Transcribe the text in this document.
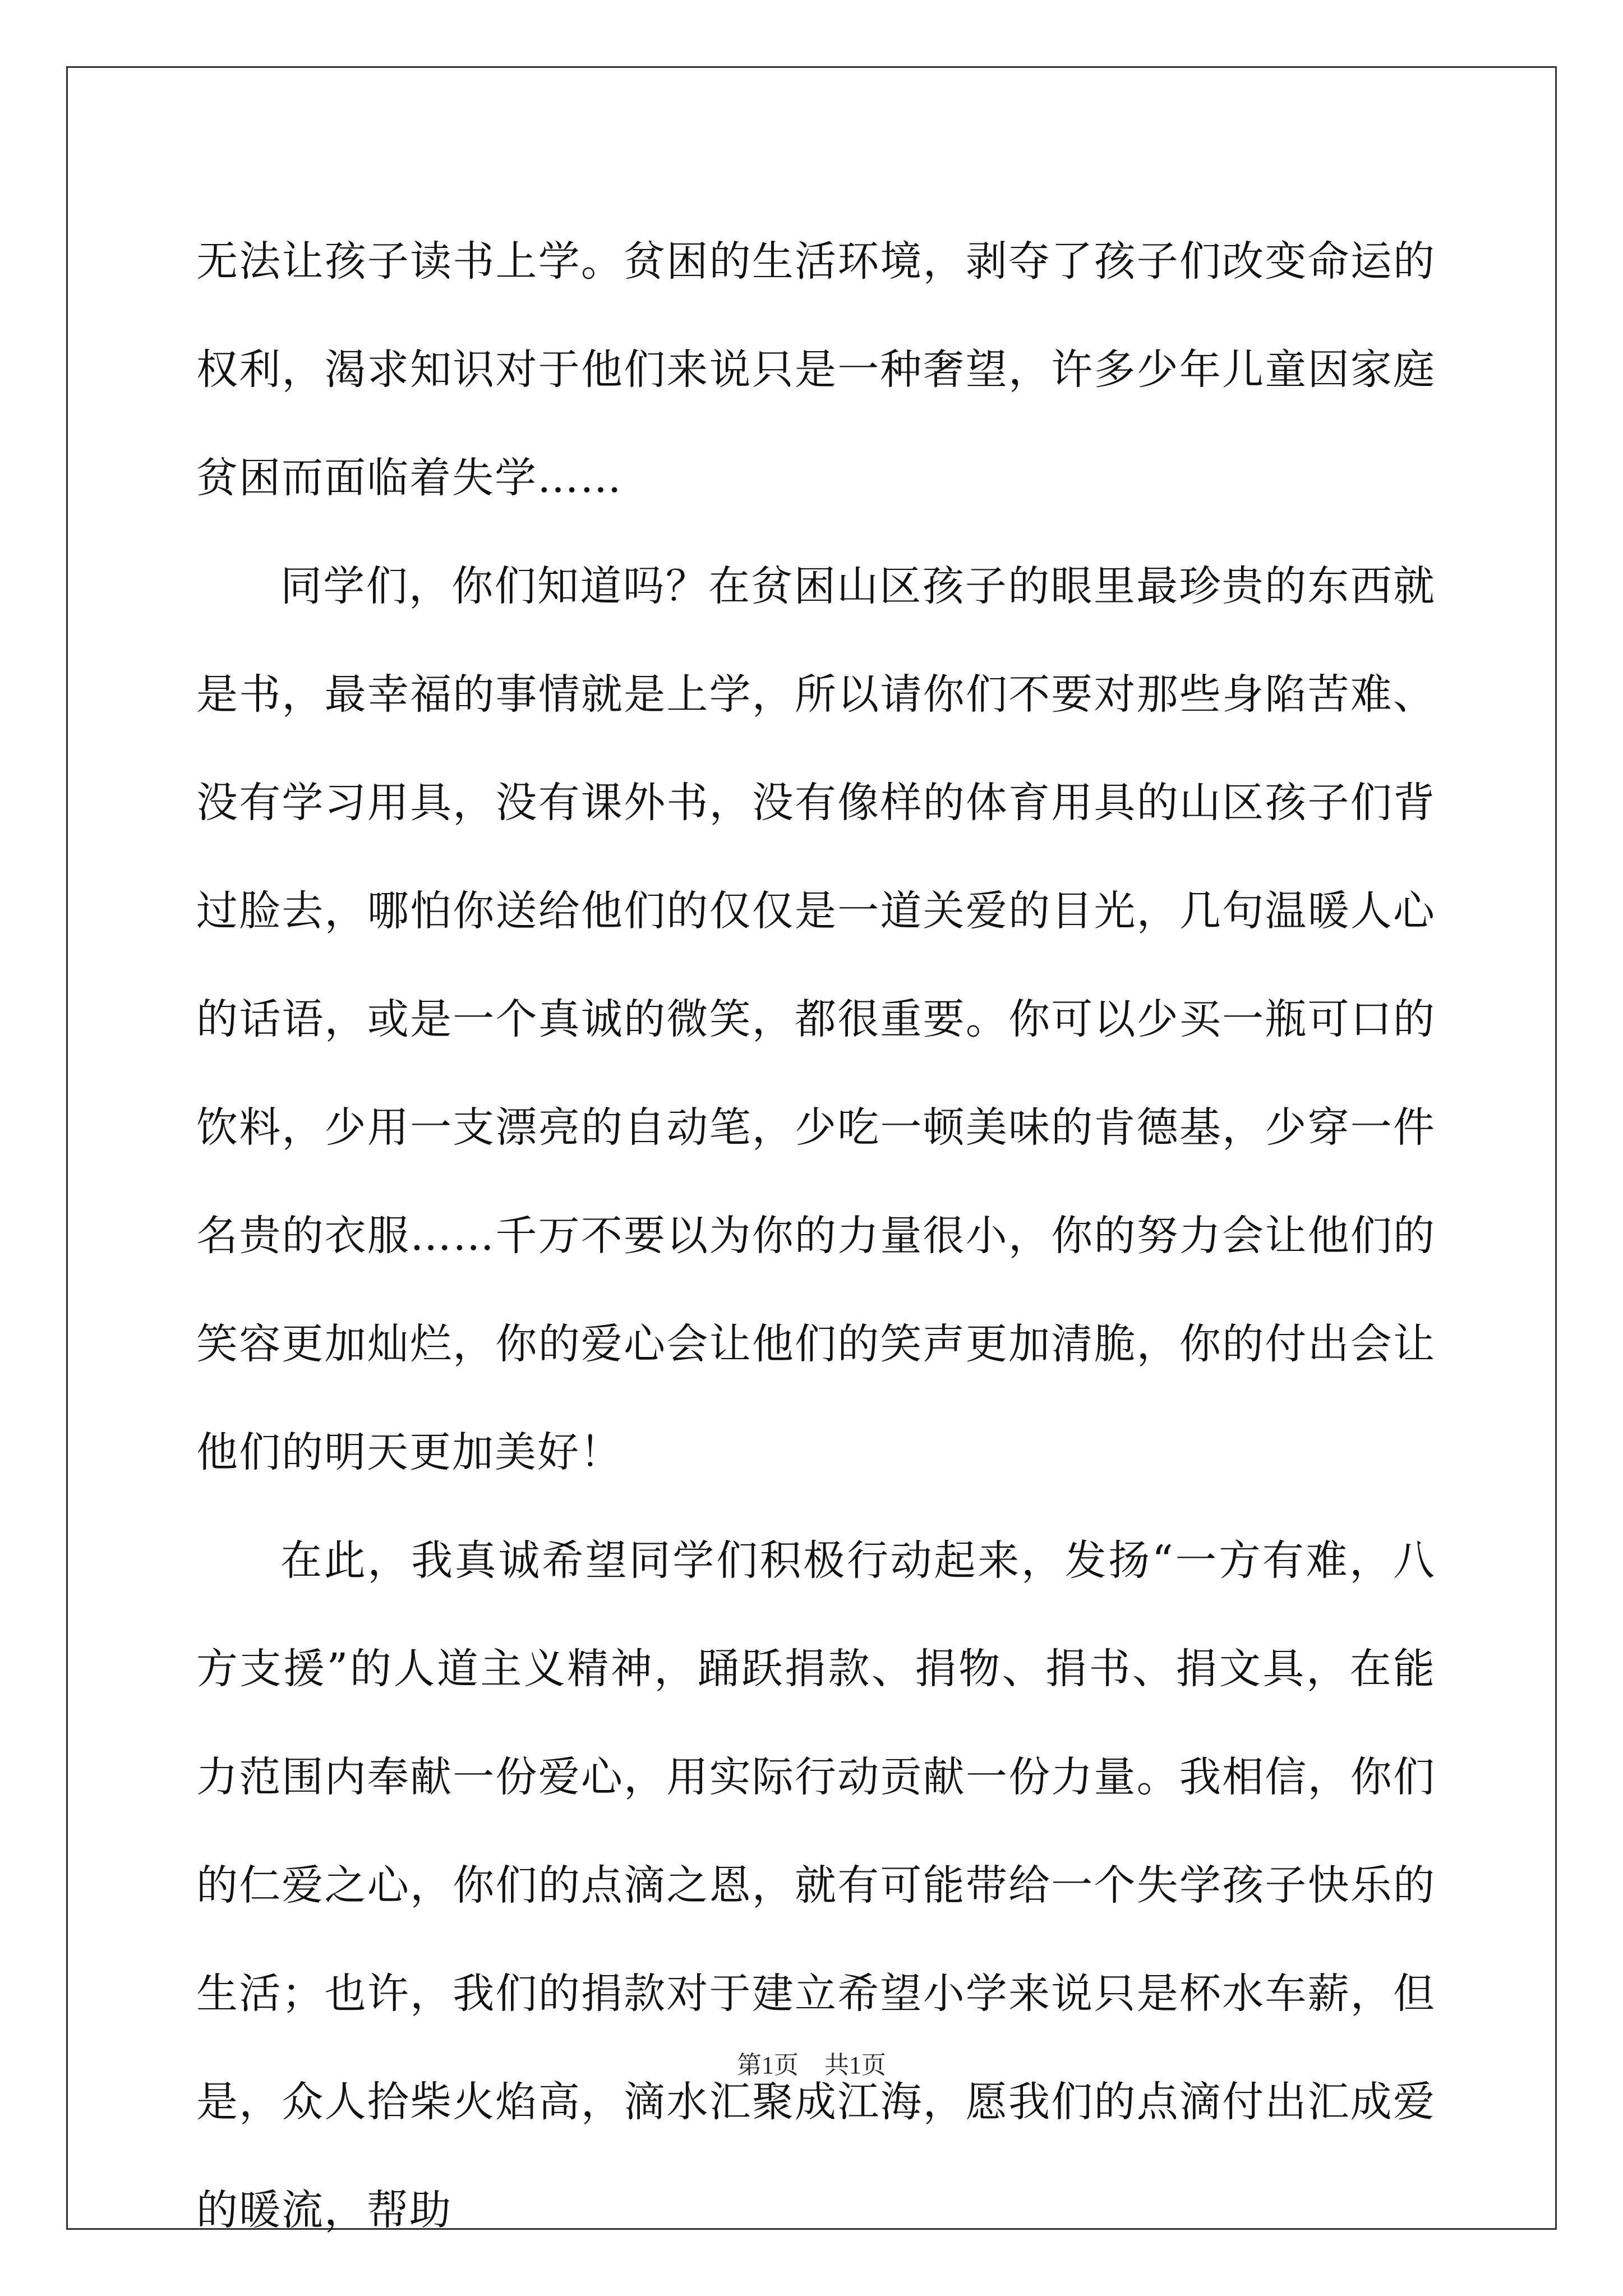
无法让孩子读书上学。贫困的生活环境，剥夺了孩子们改变命运的权利，渴求知识对于他们来说只是一种奢望，许多少年儿童因家庭贫困而面临着失学……

同学们，你们知道吗？在贫困山区孩子的眼里最珍贵的东西就是书，最幸福的事情就是上学，所以请你们不要对那些身陷苦难、没有学习用具，没有课外书，没有像样的体育用具的山区孩子们背过脸去，哪怕你送给他们的仅仅是一道关爱的目光，几句温暖人心的话语，或是一个真诚的微笑，都很重要。你可以少买一瓶可口的饮料，少用一支漂亮的自动笔，少吃一顿美味的肯德基，少穿一件名贵的衣服……千万不要以为你的力量很小，你的努力会让他们的笑容更加灿烂，你的爱心会让他们的笑声更加清脆，你的付出会让他们的明天更加美好！

在此，我真诚希望同学们积极行动起来，发扬“一方有难，八方支援”的人道主义精神，踊跃捐款、捐物、捐书、捐文具，在能力范围内奉献一份爱心，用实际行动贡献一份力量。我相信，你们的仁爱之心，你们的点滴之恩，就有可能带给一个失学孩子快乐的生活；也许，我们的捐款对于建立希望小学来说只是杯水车薪，但是，众人拾柴火焰高，滴水汇聚成江海，愿我们的点滴付出汇成爱的暖流，帮助

第1页 共1页
